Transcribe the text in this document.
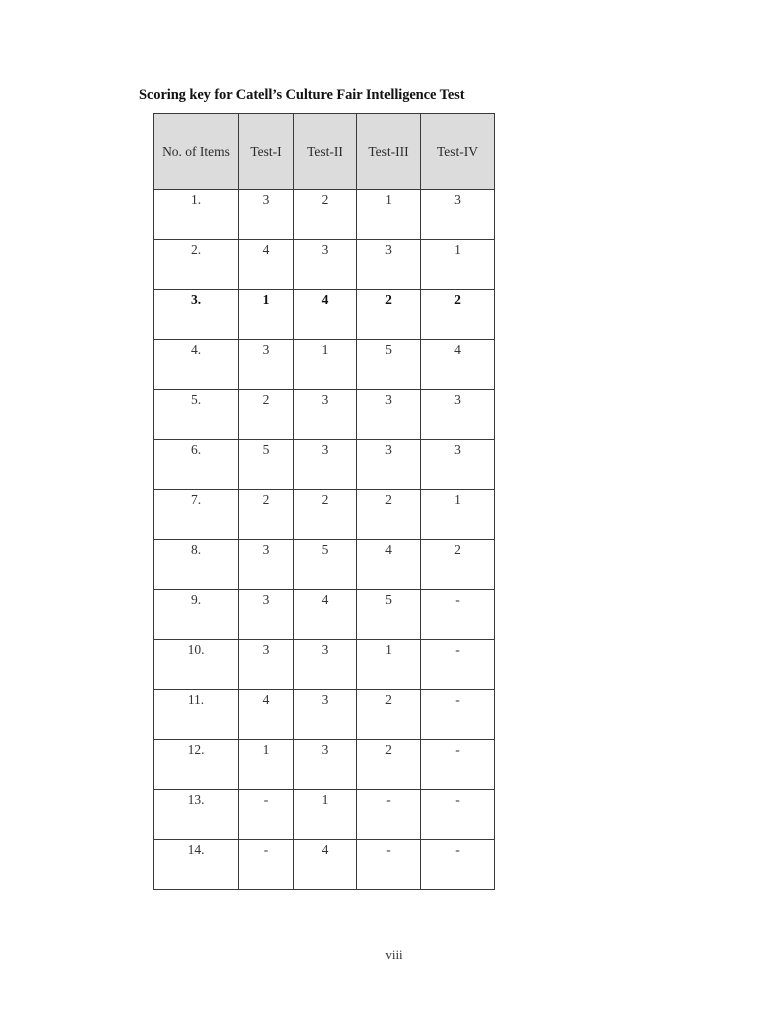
Scoring key for Catell’s Culture Fair Intelligence Test
No. of Items	Test-I	Test-II	Test-III	Test-IV
1.	3	2	1	3
2.	4	3	3	1
3.	1	4	2	2
4.	3	1	5	4
5.	2	3	3	3
6.	5	3	3	3
7.	2	2	2	1
8.	3	5	4	2
9.	3	4	5	-
10.	3	3	1	-
11.	4	3	2	-
12.	1	3	2	-
13.	-	1	-	-
14.	-	4	-	-
viii
